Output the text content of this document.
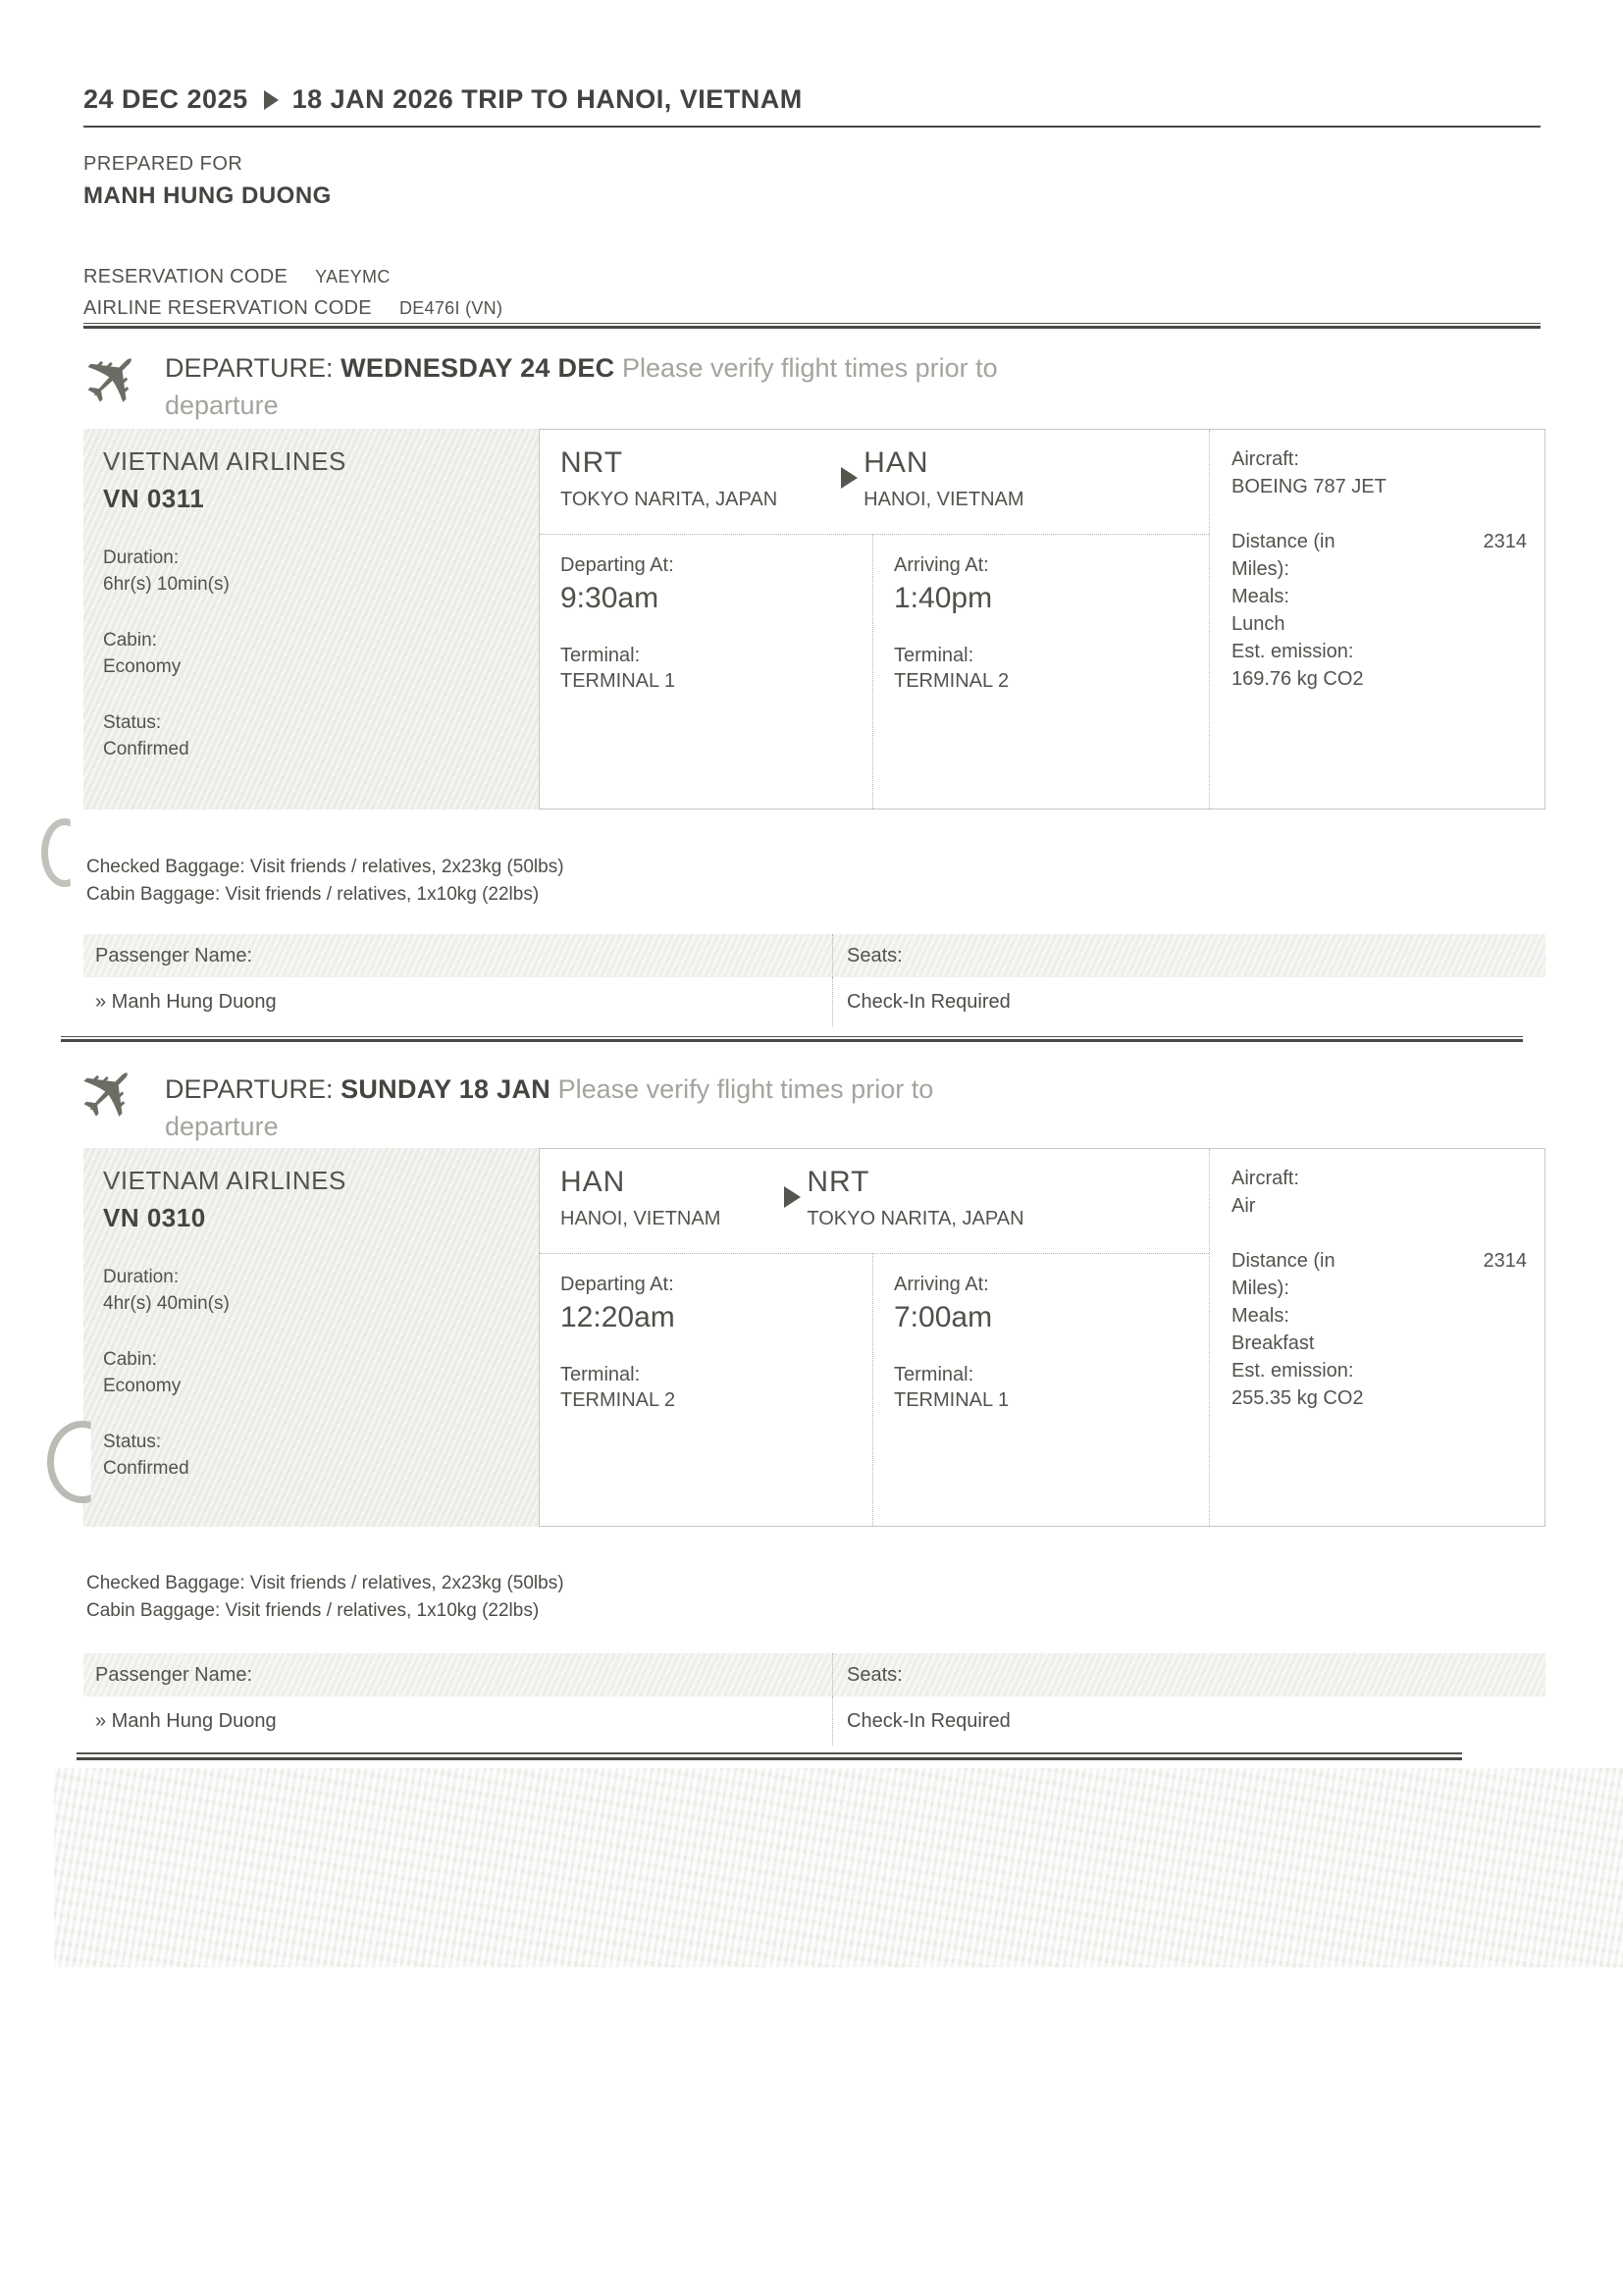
24 DEC 2025 18 JAN 2026 TRIP TO HANOI, VIETNAM
PREPARED FOR
MANH HUNG DUONG
RESERVATION CODE YAEYMC
AIRLINE RESERVATION CODE DE476I (VN)
✈ DEPARTURE: WEDNESDAY 24 DEC Please verify flight times prior to
departure
VIETNAM AIRLINES
VN 0311
Duration:
6hr(s) 10min(s)
Cabin:
Economy
Status:
Confirmed
NRT
TOKYO NARITA, JAPAN
HAN
HANOI, VIETNAM
Departing At:
9:30am
Terminal:
TERMINAL 1
Arriving At:
1:40pm
Terminal:
TERMINAL 2
Aircraft:
BOEING 787 JET
Distance (in	2314
Miles):
Meals:
Lunch
Est. emission:
169.76 kg CO2
Checked Baggage: Visit friends / relatives, 2x23kg (50lbs)
Cabin Baggage: Visit friends / relatives, 1x10kg (22lbs)
Passenger Name:	Seats:
» Manh Hung Duong	Check-In Required
✈ DEPARTURE: SUNDAY 18 JAN Please verify flight times prior to
departure
VIETNAM AIRLINES
VN 0310
Duration:
4hr(s) 40min(s)
Cabin:
Economy
Status:
Confirmed
HAN
HANOI, VIETNAM
NRT
TOKYO NARITA, JAPAN
Departing At:
12:20am
Terminal:
TERMINAL 2
Arriving At:
7:00am
Terminal:
TERMINAL 1
Aircraft:
Air
Distance (in	2314
Miles):
Meals:
Breakfast
Est. emission:
255.35 kg CO2
Checked Baggage: Visit friends / relatives, 2x23kg (50lbs)
Cabin Baggage: Visit friends / relatives, 1x10kg (22lbs)
Passenger Name:	Seats:
» Manh Hung Duong	Check-In Required
